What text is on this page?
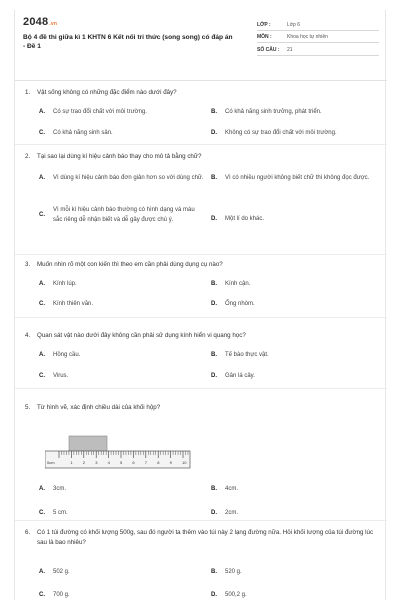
2048.vn
Bộ 4 đề thi giữa kì 1 KHTN 6 Kết nối tri thức (song song) có đáp án - Đề 1
LỚP :	Lớp 6
MÔN :	Khoa học tự nhiên
SỐ CÂU :	21
1.	Vật sống không có những đặc điểm nào dưới đây?
A.	Có sự trao đổi chất với môi trường.	B.	Có khả năng sinh trưởng, phát triển.
C.	Có khả năng sinh sản.	D.	Không có sự trao đổi chất với môi trường.
2.	Tại sao lại dùng kí hiệu cảnh báo thay cho mô tả bằng chữ?
A.	Vì dùng kí hiệu cảnh báo đơn giản hơn so với dùng chữ. B.	Vì có nhiều người không biết chữ thì không đọc được.
C.
Vì mỗi kí hiệu cảnh báo thường có hình dạng và màu sắc riêng dễ nhận biết và dễ gây được chú ý.	D.	Một lí do khác.
3.	Muốn nhìn rõ một con kiến thì theo em cần phải dùng dụng cụ nào?
A.	Kính lúp.	B.	Kính cận.
C.	Kính thiên văn.	D.	Ống nhòm.
4.	Quan sát vật nào dưới đây không cần phải sử dụng kính hiển vi quang học?
A.	Hồng cầu.	B.	Tế bào thực vật.
C.	Virus.	D.	Gân lá cây.
5.	Từ hình vẽ, xác định chiều dài của khối hộp?
A.	3cm.	B.	4cm.
C.	5 cm.	D.	2cm.
0cm	1	2	3	4	5	6	7	8	9	10
6.	Có 1 túi đường có khối lượng 500g, sau đó người ta thêm vào túi này 2 lạng đường nữa. Hỏi khối lượng của túi đường lúc sau là bao nhiêu?
A.	502 g.	B.	520 g.
C.	700 g.	D.	500,2 g.
